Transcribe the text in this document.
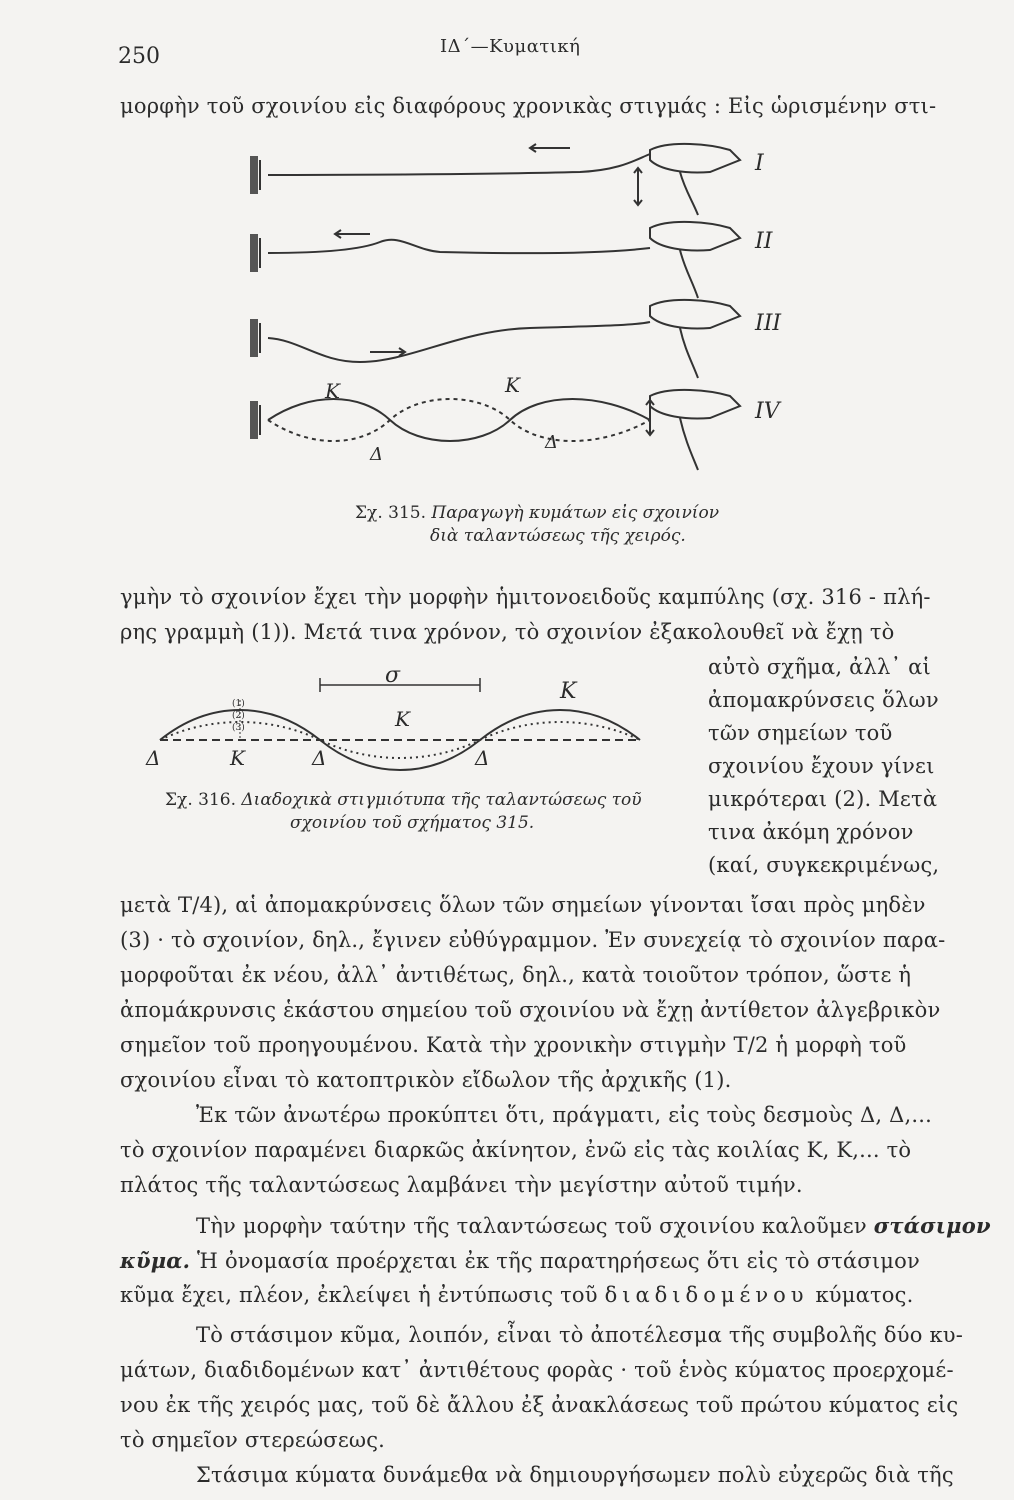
250	ΙΔ΄—Κυματική
μορφὴν τοῦ σχοινίου εἰς διαφόρους χρονικὰς στιγμάς : Εἰς ὡρισμένην στι-
I
II
III
IV
K	K
Δ
Δ
Σχ. 315. Παραγωγὴ κυμάτων εἰς σχοινίον
διὰ ταλαντώσεως τῆς χειρός.
γμὴν τὸ σχοινίον ἔχει τὴν μορφὴν ἡμιτονοειδοῦς καμπύλης (σχ. 316 - πλή-
ρης γραμμὴ (1)). Μετά τινα χρόνον, τὸ σχοινίον ἐξακολουθεῖ νὰ ἔχῃ τὸ
αὐτὸ σχῆμα, ἀλλ᾿ αἱ
ἀπομακρύνσεις ὅλων
τῶν σημείων τοῦ
σχοινίου ἔχουν γίνει
μικρότεραι (2). Μετὰ
τινα ἀκόμη χρόνον
(καί, συγκεκριμένως,
σ
K
K
(1)
(2)
(3)
Δ	K	Δ	Δ
Σχ. 316. Διαδοχικὰ στιγμιότυπα τῆς ταλαντώσεως τοῦ
σχοινίου τοῦ σχήματος 315.
μετὰ T/4), αἱ ἀπομακρύνσεις ὅλων τῶν σημείων γίνονται ἴσαι πρὸς μηδὲν
(3) · τὸ σχοινίον, δηλ., ἔγινεν εὐθύγραμμον. Ἐν συνεχείᾳ τὸ σχοινίον παρα-
μορφοῦται ἐκ νέου, ἀλλ᾿ ἀντιθέτως, δηλ., κατὰ τοιοῦτον τρόπον, ὥστε ἡ
ἀπομάκρυνσις ἑκάστου σημείου τοῦ σχοινίου νὰ ἔχῃ ἀντίθετον ἀλγεβρικὸν
σημεῖον τοῦ προηγουμένου. Κατὰ τὴν χρονικὴν στιγμὴν T/2 ἡ μορφὴ τοῦ
σχοινίου εἶναι τὸ κατοπτρικὸν εἴδωλον τῆς ἀρχικῆς (1).
Ἐκ τῶν ἀνωτέρω προκύπτει ὅτι, πράγματι, εἰς τοὺς δεσμοὺς Δ, Δ,...
τὸ σχοινίον παραμένει διαρκῶς ἀκίνητον, ἐνῶ εἰς τὰς κοιλίας K, K,... τὸ
πλάτος τῆς ταλαντώσεως λαμβάνει τὴν μεγίστην αὐτοῦ τιμήν.
Τὴν μορφὴν ταύτην τῆς ταλαντώσεως τοῦ σχοινίου καλοῦμεν στάσιμον
κῦμα. Ἡ ὀνομασία προέρχεται ἐκ τῆς παρατηρήσεως ὅτι εἰς τὸ στάσιμον
κῦμα ἔχει, πλέον, ἐκλείψει ἡ ἐντύπωσις τοῦ διαδιδομένου κύματος.
Τὸ στάσιμον κῦμα, λοιπόν, εἶναι τὸ ἀποτέλεσμα τῆς συμβολῆς δύο κυ-
μάτων, διαδιδομένων κατ᾿ ἀντιθέτους φορὰς · τοῦ ἑνὸς κύματος προερχομέ-
νου ἐκ τῆς χειρός μας, τοῦ δὲ ἄλλου ἐξ ἀνακλάσεως τοῦ πρώτου κύματος εἰς
τὸ σημεῖον στερεώσεως.
Στάσιμα κύματα δυνάμεθα νὰ δημιουργήσωμεν πολὺ εὐχερῶς διὰ τῆς
